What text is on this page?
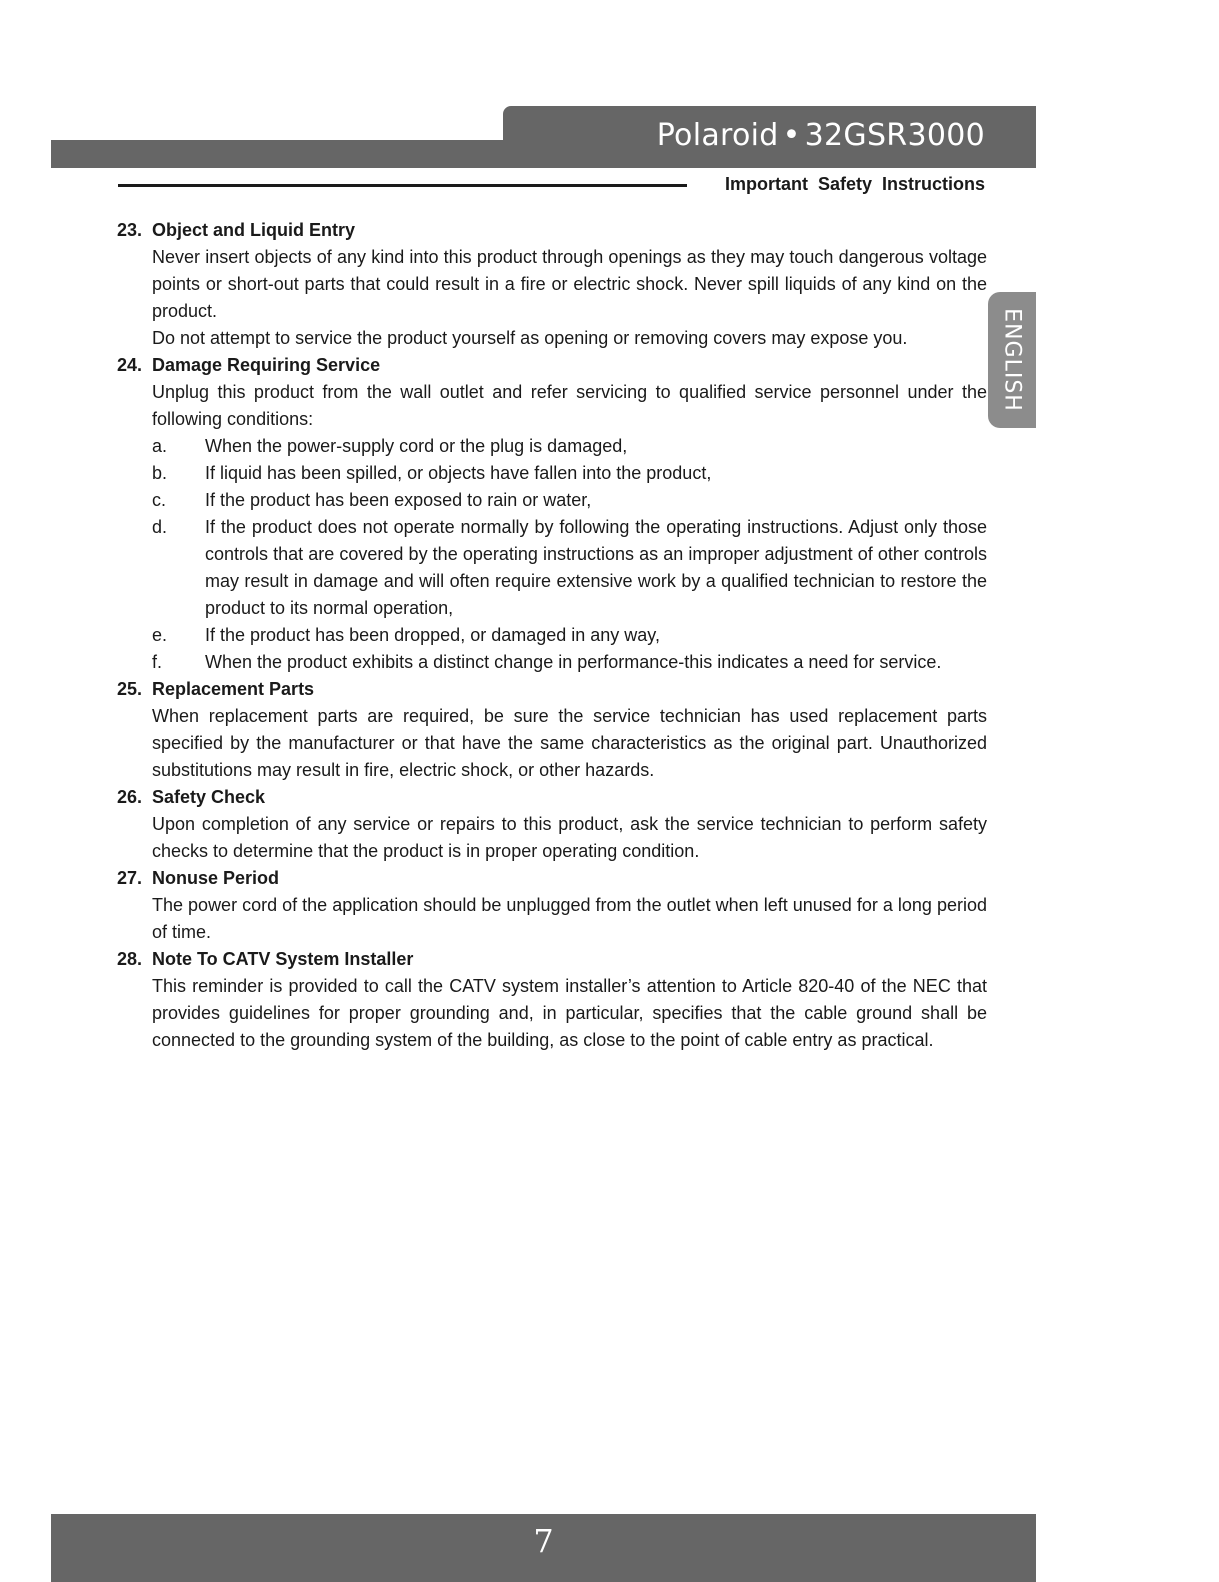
Polaroid • 32GSR3000
Important Safety Instructions
ENGLISH
23. Object and Liquid Entry
Never insert objects of any kind into this product through openings as they may touch dangerous voltage points or short-out parts that could result in a fire or electric shock. Never spill liquids of any kind on the product.
Do not attempt to service the product yourself as opening or removing covers may expose you.
24. Damage Requiring Service
Unplug this product from the wall outlet and refer servicing to qualified service personnel under the following conditions:
a. When the power-supply cord or the plug is damaged,
b. If liquid has been spilled, or objects have fallen into the product,
c. If the product has been exposed to rain or water,
d. If the product does not operate normally by following the operating instructions. Adjust only those controls that are covered by the operating instructions as an improper adjustment of other controls may result in damage and will often require extensive work by a qualified technician to restore the product to its normal operation,
e. If the product has been dropped, or damaged in any way,
f. When the product exhibits a distinct change in performance-this indicates a need for service.
25. Replacement Parts
When replacement parts are required, be sure the service technician has used replacement parts specified by the manufacturer or that have the same characteristics as the original part. Unauthorized substitutions may result in fire, electric shock, or other hazards.
26. Safety Check
Upon completion of any service or repairs to this product, ask the service technician to perform safety checks to determine that the product is in proper operating condition.
27. Nonuse Period
The power cord of the application should be unplugged from the outlet when left unused for a long period of time.
28. Note To CATV System Installer
This reminder is provided to call the CATV system installer’s attention to Article 820-40 of the NEC that provides guidelines for proper grounding and, in particular, specifies that the cable ground shall be connected to the grounding system of the building, as close to the point of cable entry as practical.
7
